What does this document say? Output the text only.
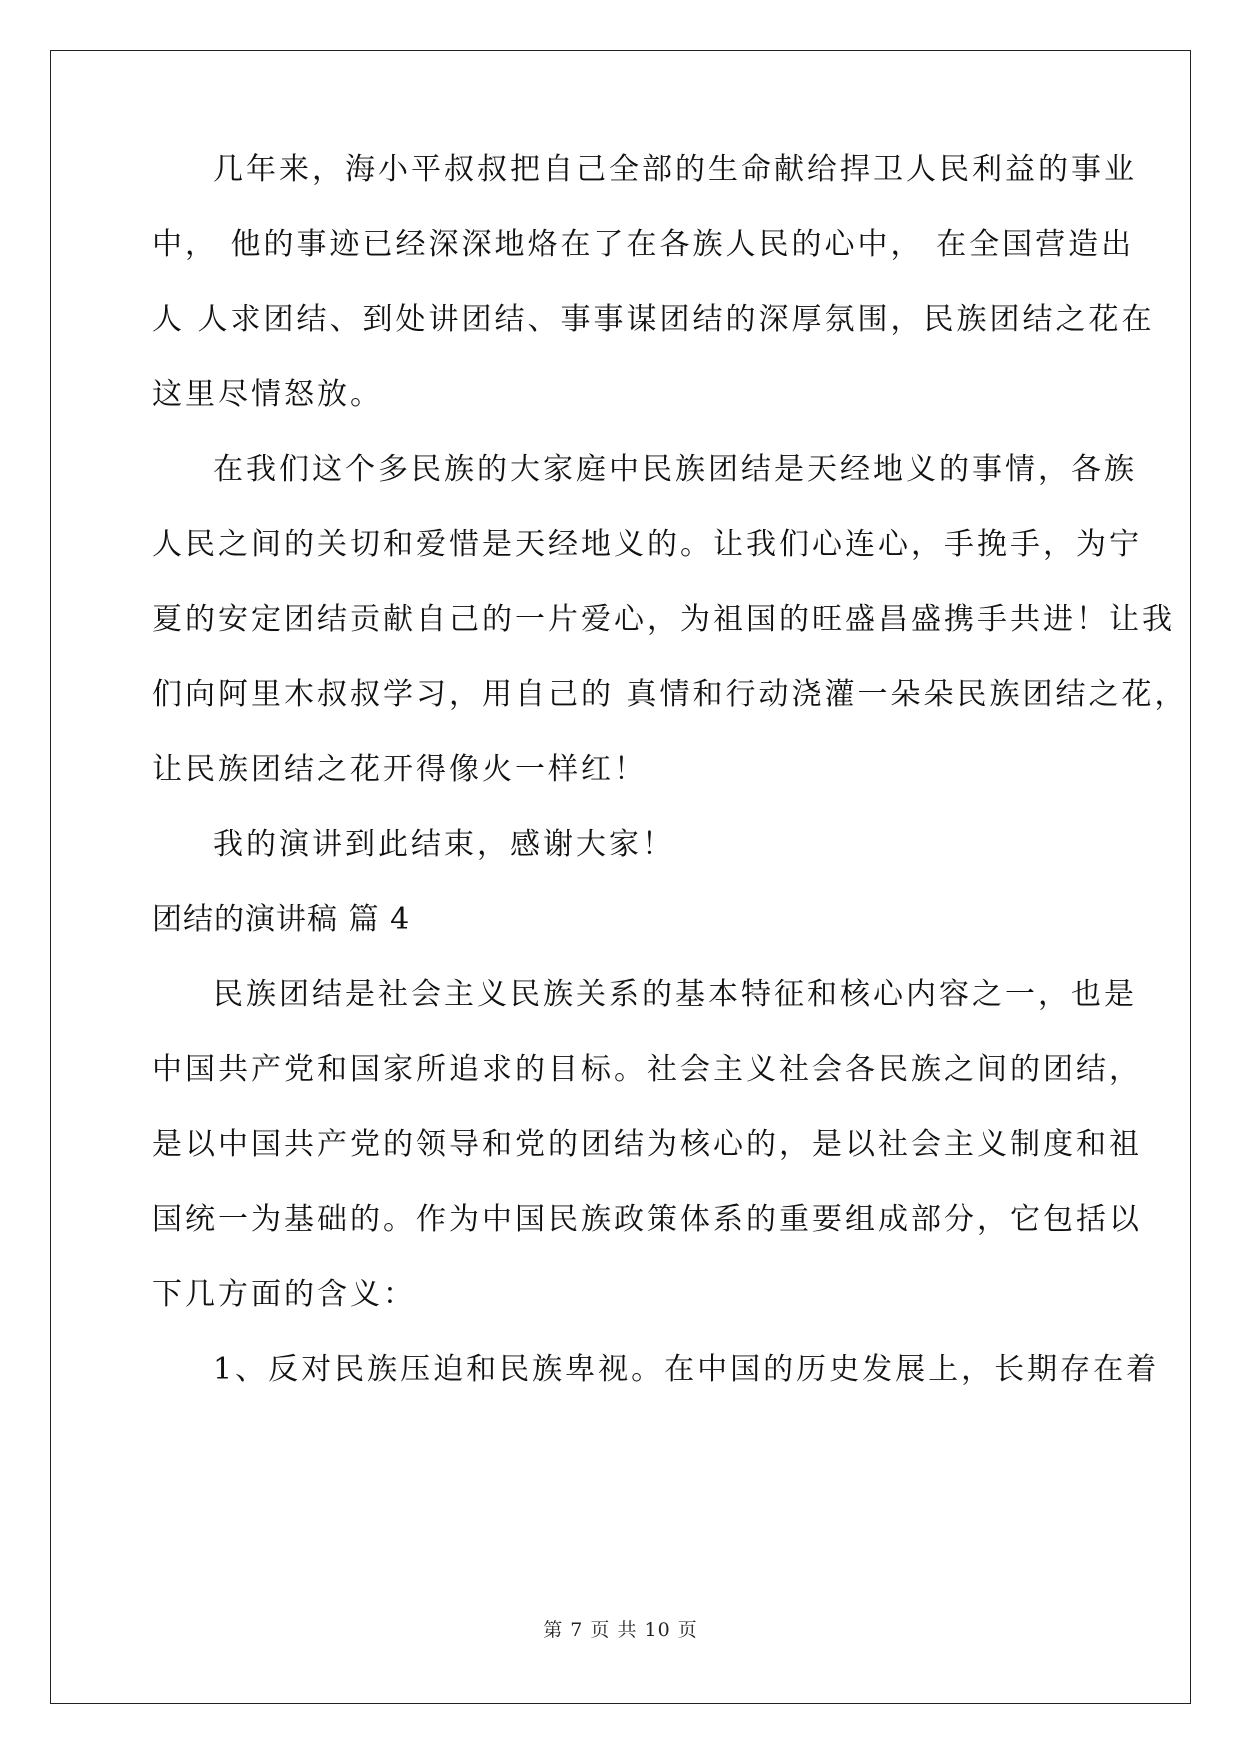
几年来，海小平叔叔把自己全部的生命献给捍卫人民利益的事业

中， 他的事迹已经深深地烙在了在各族人民的心中， 在全国营造出

人 人求团结、到处讲团结、事事谋团结的深厚氛围，民族团结之花在

这里尽情怒放。

在我们这个多民族的大家庭中民族团结是天经地义的事情，各族

人民之间的关切和爱惜是天经地义的。让我们心连心，手挽手，为宁

夏的安定团结贡献自己的一片爱心，为祖国的旺盛昌盛携手共进！让我

们向阿里木叔叔学习，用自己的 真情和行动浇灌一朵朵民族团结之花，

让民族团结之花开得像火一样红！

我的演讲到此结束，感谢大家！

团结的演讲稿 篇 4

民族团结是社会主义民族关系的基本特征和核心内容之一，也是

中国共产党和国家所追求的目标。社会主义社会各民族之间的团结，

是以中国共产党的领导和党的团结为核心的，是以社会主义制度和祖

国统一为基础的。作为中国民族政策体系的重要组成部分，它包括以

下几方面的含义：

1、反对民族压迫和民族卑视。在中国的历史发展上，长期存在着

第 7 页 共 10 页
